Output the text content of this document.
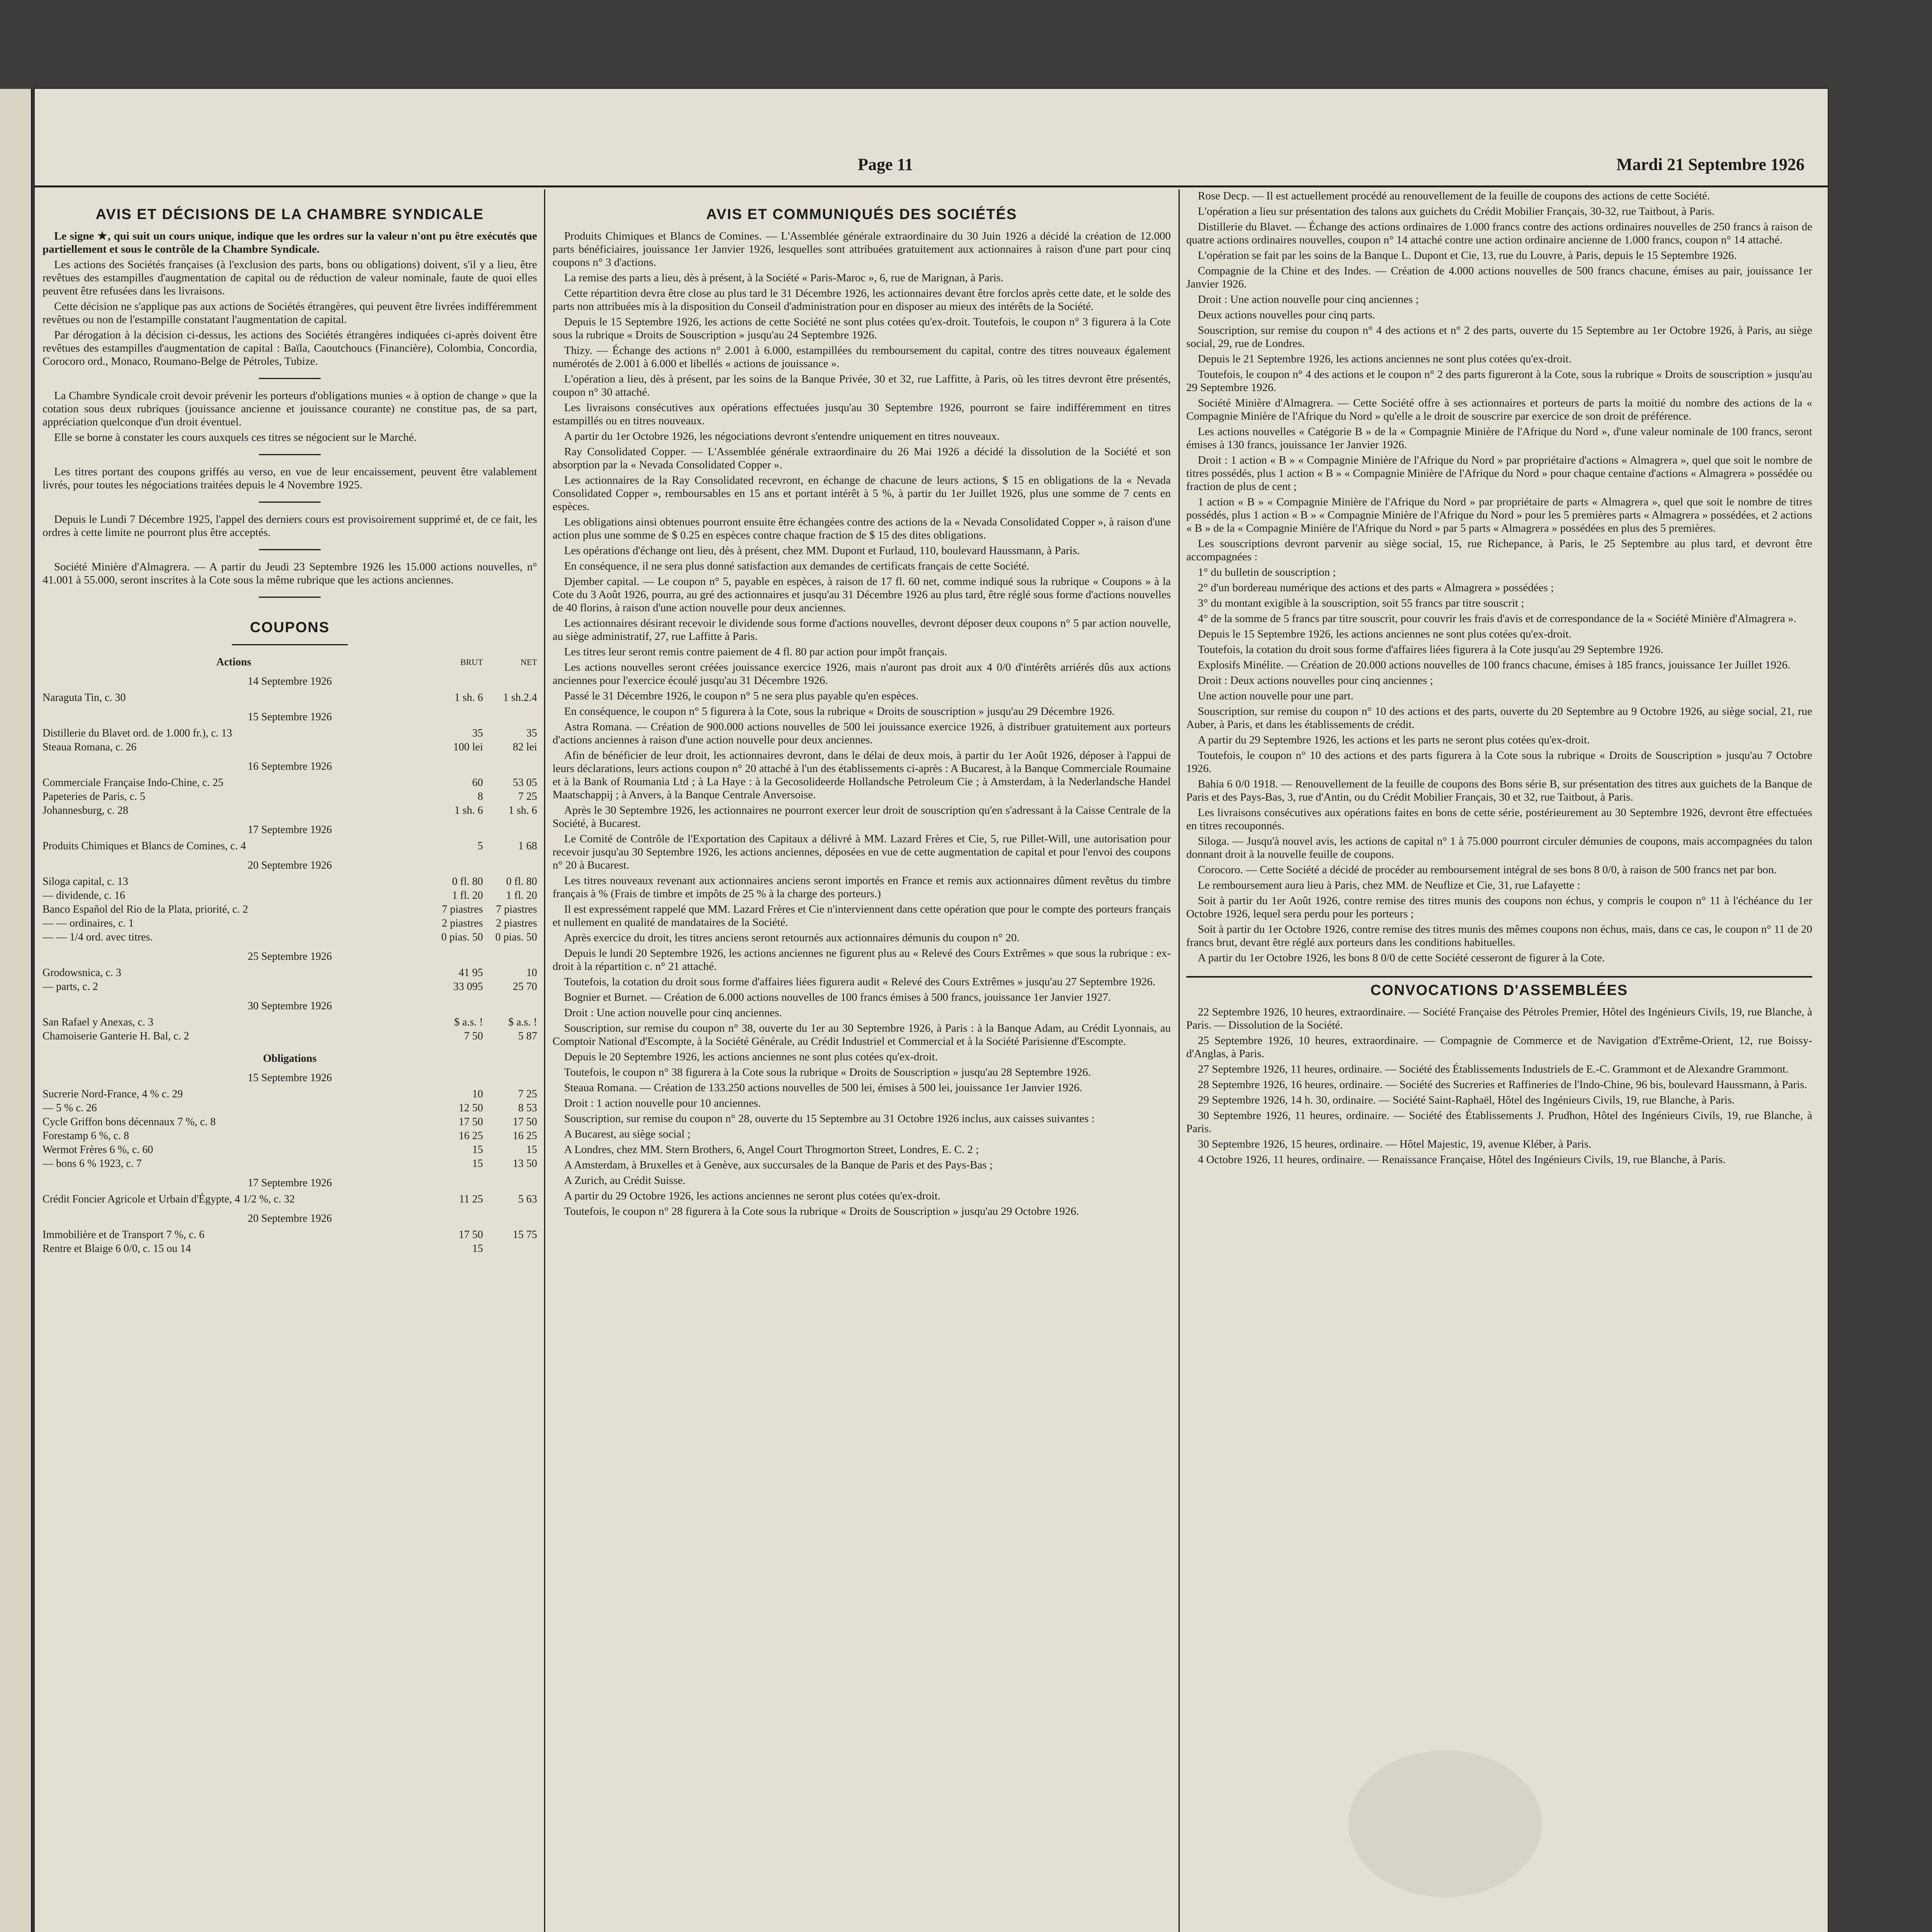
Page 11	Mardi 21 Septembre 1926
AVIS ET DÉCISIONS DE LA CHAMBRE SYNDICALE

Le signe ★, qui suit un cours unique, indique que les ordres sur la valeur n'ont pu être exécutés que partiellement et sous le contrôle de la Chambre Syndicale.

Les actions des Sociétés françaises (à l'exclusion des parts, bons ou obligations) doivent, s'il y a lieu, être revêtues des estampilles d'augmentation de capital ou de réduction de valeur nominale, faute de quoi elles peuvent être refusées dans les livraisons.

Cette décision ne s'applique pas aux actions de Sociétés étrangères, qui peuvent être livrées indifféremment revêtues ou non de l'estampille constatant l'augmentation de capital.

Par dérogation à la décision ci-dessus, les actions des Sociétés étrangères indiquées ci-après doivent être revêtues des estampilles d'augmentation de capital : Baïla, Caoutchoucs (Financière), Colombia, Concordia, Corocoro ord., Monaco, Roumano-Belge de Pétroles, Tubize.

La Chambre Syndicale croit devoir prévenir les porteurs d'obligations munies « à option de change » que la cotation sous deux rubriques (jouissance ancienne et jouissance courante) ne constitue pas, de sa part, appréciation quelconque d'un droit éventuel.

Elle se borne à constater les cours auxquels ces titres se négocient sur le Marché.

Les titres portant des coupons griffés au verso, en vue de leur encaissement, peuvent être valablement livrés, pour toutes les négociations traitées depuis le 4 Novembre 1925.

Depuis le Lundi 7 Décembre 1925, l'appel des derniers cours est provisoirement supprimé et, de ce fait, les ordres à cette limite ne pourront plus être acceptés.

Société Minière d'Almagrera. — A partir du Jeudi 23 Septembre 1926 les 15.000 actions nouvelles, n° 41.001 à 55.000, seront inscrites à la Cote sous la même rubrique que les actions anciennes.

COUPONS
Actions	BRUT	NET
14 Septembre 1926
Naraguta Tin, c. 30	1 sh. 6	1 sh.2.4
15 Septembre 1926
Distillerie du Blavet ord. de 1.000 fr.), c. 13	35	35
Steaua Romana, c. 26	100 lei	82 lei
16 Septembre 1926
Commerciale Française Indo-Chine, c. 25	60	53 05
Papeteries de Paris, c. 5	8	7 25
Johannesburg, c. 28	1 sh. 6	1 sh. 6
17 Septembre 1926
Produits Chimiques et Blancs de Comines, c. 4	5	1 68
20 Septembre 1926
Siloga capital, c. 13	0 fl. 80	0 fl. 80
— dividende, c. 16	1 fl. 20	1 fl. 20
Banco Español del Rio de la Plata, priorité, c. 2	7 piastres	7 piastres
— — ordinaires, c. 1	2 piastres	2 piastres
— — 1/4 ord. avec titres.	0 pias. 50	0 pias. 50
25 Septembre 1926
Grodowsnica, c. 3	41 95	10
— parts, c. 2	33 095	25 70
30 Septembre 1926
San Rafael y Anexas, c. 3	$ a.s. !	$ a.s. !
Chamoiserie Ganterie H. Bal, c. 2	7 50	5 87
Obligations
15 Septembre 1926
Sucrerie Nord-France, 4 % c. 29	10	7 25
— 5 % c. 26	12 50	8 53
Cycle Griffon bons décennaux 7 %, c. 8	17 50	17 50
Forestamp 6 %, c. 8	16 25	16 25
Wermot Frères 6 %, c. 60	15	15
— bons 6 % 1923, c. 7	15	13 50
17 Septembre 1926
Crédit Foncier Agricole et Urbain d'Égypte, 4 1/2 %, c. 32	11 25	5 63
20 Septembre 1926
Immobilière et de Transport 7 %, c. 6	17 50	15 75
Rentre et Blaige 6 0/0, c. 15 ou 14	15
AVIS ET COMMUNIQUÉS DES SOCIÉTÉS

Produits Chimiques et Blancs de Comines. — L'Assemblée générale extraordinaire du 30 Juin 1926 a décidé la création de 12.000 parts bénéficiaires, jouissance 1er Janvier 1926, lesquelles sont attribuées gratuitement aux actionnaires à raison d'une part pour cinq coupons n° 3 d'actions.

La remise des parts a lieu, dès à présent, à la Société « Paris-Maroc », 6, rue de Marignan, à Paris.

Cette répartition devra être close au plus tard le 31 Décembre 1926, les actionnaires devant être forclos après cette date, et le solde des parts non attribuées mis à la disposition du Conseil d'administration pour en disposer au mieux des intérêts de la Société.

Depuis le 15 Septembre 1926, les actions de cette Société ne sont plus cotées qu'ex-droit. Toutefois, le coupon n° 3 figurera à la Cote sous la rubrique « Droits de Souscription » jusqu'au 24 Septembre 1926.

Thizy. — Échange des actions n° 2.001 à 6.000, estampillées du remboursement du capital, contre des titres nouveaux également numérotés de 2.001 à 6.000 et libellés « actions de jouissance ».

L'opération a lieu, dès à présent, par les soins de la Banque Privée, 30 et 32, rue Laffitte, à Paris, où les titres devront être présentés, coupon n° 30 attaché.

Les livraisons consécutives aux opérations effectuées jusqu'au 30 Septembre 1926, pourront se faire indifféremment en titres estampillés ou en titres nouveaux.

A partir du 1er Octobre 1926, les négociations devront s'entendre uniquement en titres nouveaux.

Ray Consolidated Copper. — L'Assemblée générale extraordinaire du 26 Mai 1926 a décidé la dissolution de la Société et son absorption par la « Nevada Consolidated Copper ».

Les actionnaires de la Ray Consolidated recevront, en échange de chacune de leurs actions, $ 15 en obligations de la « Nevada Consolidated Copper », remboursables en 15 ans et portant intérêt à 5 %, à partir du 1er Juillet 1926, plus une somme de 7 cents en espèces.

Les obligations ainsi obtenues pourront ensuite être échangées contre des actions de la « Nevada Consolidated Copper », à raison d'une action plus une somme de $ 0.25 en espèces contre chaque fraction de $ 15 des dites obligations.

Les opérations d'échange ont lieu, dès à présent, chez MM. Dupont et Furlaud, 110, boulevard Haussmann, à Paris.

En conséquence, il ne sera plus donné satisfaction aux demandes de certificats français de cette Société.

Djember capital. — Le coupon n° 5, payable en espèces, à raison de 17 fl. 60 net, comme indiqué sous la rubrique « Coupons » à la Cote du 3 Août 1926, pourra, au gré des actionnaires et jusqu'au 31 Décembre 1926 au plus tard, être réglé sous forme d'actions nouvelles de 40 florins, à raison d'une action nouvelle pour deux anciennes.

Les actionnaires désirant recevoir le dividende sous forme d'actions nouvelles, devront déposer deux coupons n° 5 par action nouvelle, au siège administratif, 27, rue Laffitte à Paris.

Les titres leur seront remis contre paiement de 4 fl. 80 par action pour impôt français.

Les actions nouvelles seront créées jouissance exercice 1926, mais n'auront pas droit aux 4 0/0 d'intérêts arriérés dûs aux actions anciennes pour l'exercice écoulé jusqu'au 31 Décembre 1926.

Passé le 31 Décembre 1926, le coupon n° 5 ne sera plus payable qu'en espèces.

En conséquence, le coupon n° 5 figurera à la Cote, sous la rubrique « Droits de souscription » jusqu'au 29 Décembre 1926.

Astra Romana. — Création de 900.000 actions nouvelles de 500 lei jouissance exercice 1926, à distribuer gratuitement aux porteurs d'actions anciennes à raison d'une action nouvelle pour deux anciennes.

Afin de bénéficier de leur droit, les actionnaires devront, dans le délai de deux mois, à partir du 1er Août 1926, déposer à l'appui de leurs déclarations, leurs actions coupon n° 20 attaché à l'un des établissements ci-après : A Bucarest, à la Banque Commerciale Roumaine et à la Bank of Roumania Ltd ; à La Haye : à la Gecosolideerde Hollandsche Petroleum Cie ; à Amsterdam, à la Nederlandsche Handel Maatschappij ; à Anvers, à la Banque Centrale Anversoise.

Après le 30 Septembre 1926, les actionnaires ne pourront exercer leur droit de souscription qu'en s'adressant à la Caisse Centrale de la Société, à Bucarest.

Le Comité de Contrôle de l'Exportation des Capitaux a délivré à MM. Lazard Frères et Cie, 5, rue Pillet-Will, une autorisation pour recevoir jusqu'au 30 Septembre 1926, les actions anciennes, déposées en vue de cette augmentation de capital et pour l'envoi des coupons n° 20 à Bucarest.

Les titres nouveaux revenant aux actionnaires anciens seront importés en France et remis aux actionnaires dûment revêtus du timbre français à % (Frais de timbre et impôts de 25 % à la charge des porteurs.)

Il est expressément rappelé que MM. Lazard Frères et Cie n'interviennent dans cette opération que pour le compte des porteurs français et nullement en qualité de mandataires de la Société.

Après exercice du droit, les titres anciens seront retournés aux actionnaires démunis du coupon n° 20.

Depuis le lundi 20 Septembre 1926, les actions anciennes ne figurent plus au « Relevé des Cours Extrêmes » que sous la rubrique : ex-droit à la répartition c. n° 21 attaché.

Toutefois, la cotation du droit sous forme d'affaires liées figurera audit « Relevé des Cours Extrêmes » jusqu'au 27 Septembre 1926.

Bognier et Burnet. — Création de 6.000 actions nouvelles de 100 francs émises à 500 francs, jouissance 1er Janvier 1927.

Droit : Une action nouvelle pour cinq anciennes.

Souscription, sur remise du coupon n° 38, ouverte du 1er au 30 Septembre 1926, à Paris : à la Banque Adam, au Crédit Lyonnais, au Comptoir National d'Escompte, à la Société Générale, au Crédit Industriel et Commercial et à la Société Parisienne d'Escompte.

Depuis le 20 Septembre 1926, les actions anciennes ne sont plus cotées qu'ex-droit.

Toutefois, le coupon n° 38 figurera à la Cote sous la rubrique « Droits de Souscription » jusqu'au 28 Septembre 1926.

Steaua Romana. — Création de 133.250 actions nouvelles de 500 lei, émises à 500 lei, jouissance 1er Janvier 1926.

Droit : 1 action nouvelle pour 10 anciennes.

Souscription, sur remise du coupon n° 28, ouverte du 15 Septembre au 31 Octobre 1926 inclus, aux caisses suivantes :

A Bucarest, au siège social ;

A Londres, chez MM. Stern Brothers, 6, Angel Court Throgmorton Street, Londres, E. C. 2 ;

A Amsterdam, à Bruxelles et à Genève, aux succursales de la Banque de Paris et des Pays-Bas ;

A Zurich, au Crédit Suisse.

A partir du 29 Octobre 1926, les actions anciennes ne seront plus cotées qu'ex-droit.

Toutefois, le coupon n° 28 figurera à la Cote sous la rubrique « Droits de Souscription » jusqu'au 29 Octobre 1926.

Rose Decp. — Il est actuellement procédé au renouvellement de la feuille de coupons des actions de cette Société.

L'opération a lieu sur présentation des talons aux guichets du Crédit Mobilier Français, 30-32, rue Taitbout, à Paris.

Distillerie du Blavet. — Échange des actions ordinaires de 1.000 francs contre des actions ordinaires nouvelles de 250 francs à raison de quatre actions ordinaires nouvelles, coupon n° 14 attaché contre une action ordinaire ancienne de 1.000 francs, coupon n° 14 attaché.

L'opération se fait par les soins de la Banque L. Dupont et Cie, 13, rue du Louvre, à Paris, depuis le 15 Septembre 1926.

Compagnie de la Chine et des Indes. — Création de 4.000 actions nouvelles de 500 francs chacune, émises au pair, jouissance 1er Janvier 1926.

Droit : Une action nouvelle pour cinq anciennes ;

Deux actions nouvelles pour cinq parts.

Souscription, sur remise du coupon n° 4 des actions et n° 2 des parts, ouverte du 15 Septembre au 1er Octobre 1926, à Paris, au siège social, 29, rue de Londres.

Depuis le 21 Septembre 1926, les actions anciennes ne sont plus cotées qu'ex-droit.

Toutefois, le coupon n° 4 des actions et le coupon n° 2 des parts figureront à la Cote, sous la rubrique « Droits de souscription » jusqu'au 29 Septembre 1926.

Société Minière d'Almagrera. — Cette Société offre à ses actionnaires et porteurs de parts la moitié du nombre des actions de la « Compagnie Minière de l'Afrique du Nord » qu'elle a le droit de souscrire par exercice de son droit de préférence.

Les actions nouvelles « Catégorie B » de la « Compagnie Minière de l'Afrique du Nord », d'une valeur nominale de 100 francs, seront émises à 130 francs, jouissance 1er Janvier 1926.

Droit : 1 action « B » « Compagnie Minière de l'Afrique du Nord » par propriétaire d'actions « Almagrera », quel que soit le nombre de titres possédés, plus 1 action « B » « Compagnie Minière de l'Afrique du Nord » pour chaque centaine d'actions « Almagrera » possédée ou fraction de plus de cent ;

1 action « B » « Compagnie Minière de l'Afrique du Nord » par propriétaire de parts « Almagrera », quel que soit le nombre de titres possédés, plus 1 action « B » « Compagnie Minière de l'Afrique du Nord » pour les 5 premières parts « Almagrera » possédées, et 2 actions « B » de la « Compagnie Minière de l'Afrique du Nord » par 5 parts « Almagrera » possédées en plus des 5 premières.

Les souscriptions devront parvenir au siège social, 15, rue Richepance, à Paris, le 25 Septembre au plus tard, et devront être accompagnées :

1° du bulletin de souscription ;

2° d'un bordereau numérique des actions et des parts « Almagrera » possédées ;

3° du montant exigible à la souscription, soit 55 francs par titre souscrit ;

4° de la somme de 5 francs par titre souscrit, pour couvrir les frais d'avis et de correspondance de la « Société Minière d'Almagrera ».

Depuis le 15 Septembre 1926, les actions anciennes ne sont plus cotées qu'ex-droit.

Toutefois, la cotation du droit sous forme d'affaires liées figurera à la Cote jusqu'au 29 Septembre 1926.

Explosifs Minélite. — Création de 20.000 actions nouvelles de 100 francs chacune, émises à 185 francs, jouissance 1er Juillet 1926.

Droit : Deux actions nouvelles pour cinq anciennes ;

Une action nouvelle pour une part.

Souscription, sur remise du coupon n° 10 des actions et des parts, ouverte du 20 Septembre au 9 Octobre 1926, au siège social, 21, rue Auber, à Paris, et dans les établissements de crédit.

A partir du 29 Septembre 1926, les actions et les parts ne seront plus cotées qu'ex-droit.

Toutefois, le coupon n° 10 des actions et des parts figurera à la Cote sous la rubrique « Droits de Souscription » jusqu'au 7 Octobre 1926.

Bahia 6 0/0 1918. — Renouvellement de la feuille de coupons des Bons série B, sur présentation des titres aux guichets de la Banque de Paris et des Pays-Bas, 3, rue d'Antin, ou du Crédit Mobilier Français, 30 et 32, rue Taitbout, à Paris.

Les livraisons consécutives aux opérations faites en bons de cette série, postérieurement au 30 Septembre 1926, devront être effectuées en titres recouponnés.

Siloga. — Jusqu'à nouvel avis, les actions de capital n° 1 à 75.000 pourront circuler démunies de coupons, mais accompagnées du talon donnant droit à la nouvelle feuille de coupons.

Corocoro. — Cette Société a décidé de procéder au remboursement intégral de ses bons 8 0/0, à raison de 500 francs net par bon.

Le remboursement aura lieu à Paris, chez MM. de Neuflize et Cie, 31, rue Lafayette :

Soit à partir du 1er Août 1926, contre remise des titres munis des coupons non échus, y compris le coupon n° 11 à l'échéance du 1er Octobre 1926, lequel sera perdu pour les porteurs ;

Soit à partir du 1er Octobre 1926, contre remise des titres munis des mêmes coupons non échus, mais, dans ce cas, le coupon n° 11 de 20 francs brut, devant être réglé aux porteurs dans les conditions habituelles.

A partir du 1er Octobre 1926, les bons 8 0/0 de cette Société cesseront de figurer à la Cote.

CONVOCATIONS D'ASSEMBLÉES

22 Septembre 1926, 10 heures, extraordinaire. — Société Française des Pétroles Premier, Hôtel des Ingénieurs Civils, 19, rue Blanche, à Paris. — Dissolution de la Société.

25 Septembre 1926, 10 heures, extraordinaire. — Compagnie de Commerce et de Navigation d'Extrême-Orient, 12, rue Boissy-d'Anglas, à Paris.

27 Septembre 1926, 11 heures, ordinaire. — Société des Établissements Industriels de E.-C. Grammont et de Alexandre Grammont.

28 Septembre 1926, 16 heures, ordinaire. — Société des Sucreries et Raffineries de l'Indo-Chine, 96 bis, boulevard Haussmann, à Paris.

29 Septembre 1926, 14 h. 30, ordinaire. — Société Saint-Raphaël, Hôtel des Ingénieurs Civils, 19, rue Blanche, à Paris.

30 Septembre 1926, 11 heures, ordinaire. — Société des Établissements J. Prudhon, Hôtel des Ingénieurs Civils, 19, rue Blanche, à Paris.

30 Septembre 1926, 15 heures, ordinaire. — Hôtel Majestic, 19, avenue Kléber, à Paris.

4 Octobre 1926, 11 heures, ordinaire. — Renaissance Française, Hôtel des Ingénieurs Civils, 19, rue Blanche, à Paris.
